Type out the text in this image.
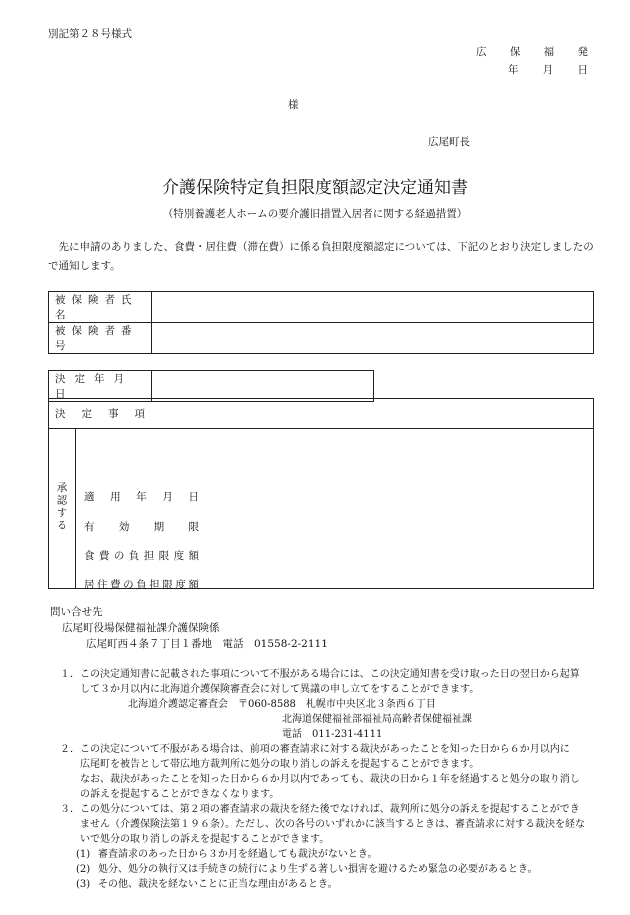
別記第２８号様式
広 保 福 発
年 月 日
様
広尾町長
介護保険特定負担限度額認定決定通知書
（特別養護老人ホームの要介護旧措置入居者に関する経過措置）
先に申請のありました、食費・居住費（滞在費）に係る負担限度額認定については、下記のとおり決定しましたので通知します。
被保険者氏名	
被保険者番号	
決定年月日	
決定事項
承認する	適用年月日
有効期限
食費の負担限度額
居住費の負担限度額
問い合せ先
広尾町役場保健福祉課介護保険係
広尾町西４条７丁目１番地　電話　01558-2-2111

１．この決定通知書に記載された事項について不服がある場合には、この決定通知書を受け取った日の翌日から起算

して３か月以内に北海道介護保険審査会に対して異議の申し立てをすることができます。

北海道介護認定審査会　〒060-8588　札幌市中央区北３条西６丁目

北海道保健福祉部福祉局高齢者保健福祉課

電話　011-231-4111

２．この決定について不服がある場合は、前項の審査請求に対する裁決があったことを知った日から６か月以内に

広尾町を被告として帯広地方裁判所に処分の取り消しの訴えを提起することができます。

なお、裁決があったことを知った日から６か月以内であっても、裁決の日から１年を経過すると処分の取り消し

の訴えを提起することができなくなります。

３．この処分については、第２項の審査請求の裁決を経た後でなければ、裁判所に処分の訴えを提起することができ

ません（介護保険法第１９６条）。ただし、次の各号のいずれかに該当するときは、審査請求に対する裁決を経な

いで処分の取り消しの訴えを提起することができます。

(1) 審査請求のあった日から３か月を経過しても裁決がないとき。

(2) 処分、処分の執行又は手続きの続行により生ずる著しい損害を避けるため緊急の必要があるとき。

(3) その他、裁決を経ないことに正当な理由があるとき。
